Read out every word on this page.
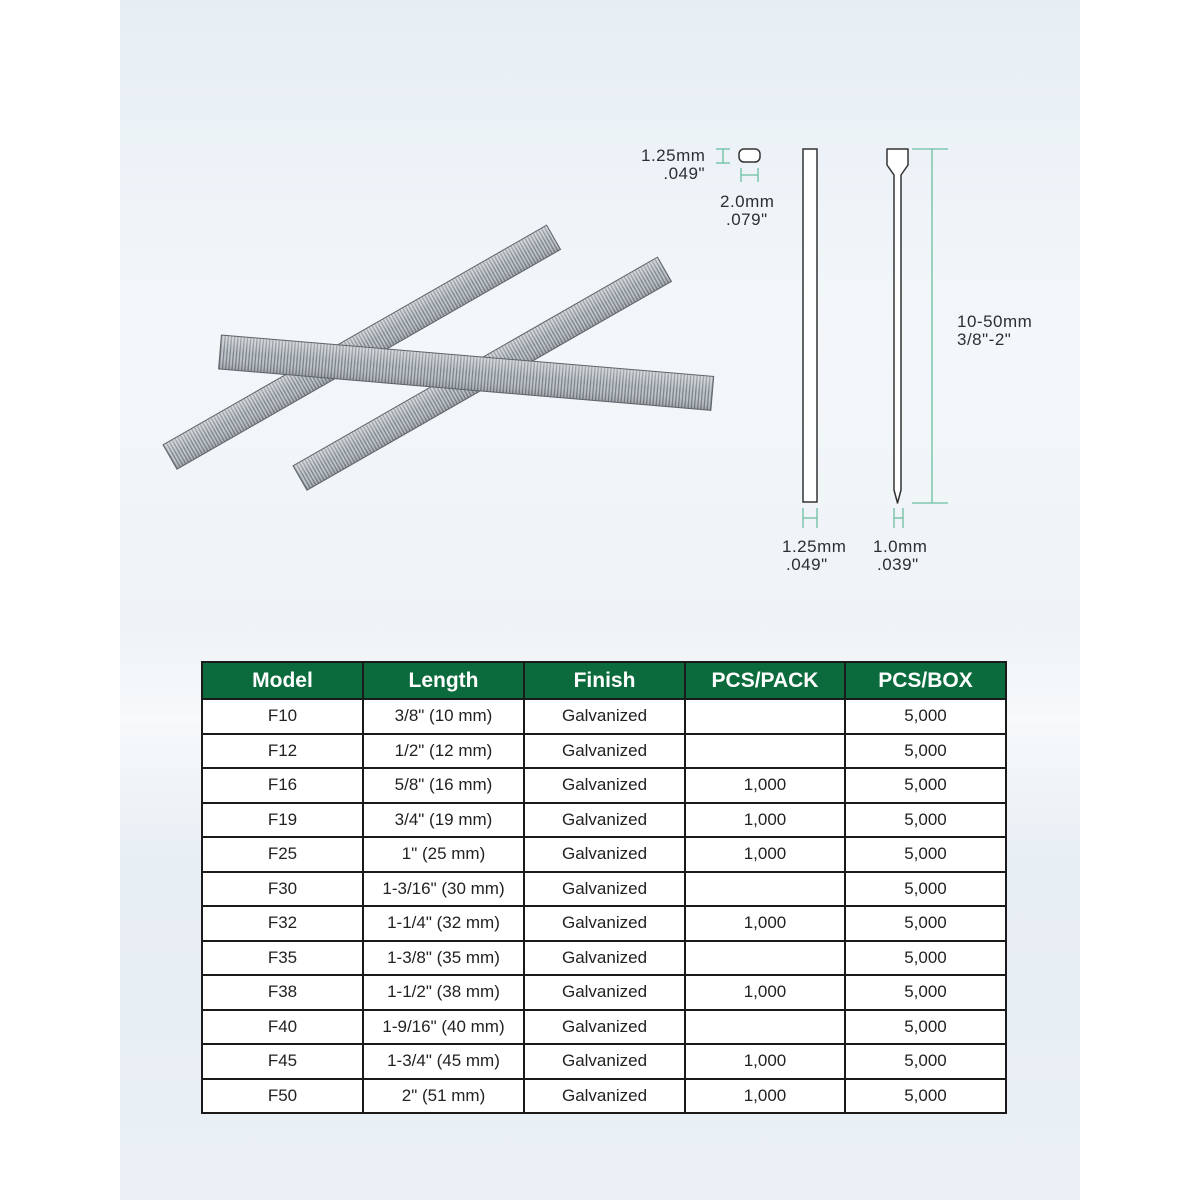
1.25mm
.049"
2.0mm
.079"
10-50mm
3/8"-2"
1.25mm
.049"
1.0mm
.039"
Model	Length	Finish	PCS/PACK	PCS/BOX
F10	3/8" (10 mm)	Galvanized		5,000
F12	1/2" (12 mm)	Galvanized		5,000
F16	5/8" (16 mm)	Galvanized	1,000	5,000
F19	3/4" (19 mm)	Galvanized	1,000	5,000
F25	1" (25 mm)	Galvanized	1,000	5,000
F30	1-3/16" (30 mm)	Galvanized		5,000
F32	1-1/4" (32 mm)	Galvanized	1,000	5,000
F35	1-3/8" (35 mm)	Galvanized		5,000
F38	1-1/2" (38 mm)	Galvanized	1,000	5,000
F40	1-9/16" (40 mm)	Galvanized		5,000
F45	1-3/4" (45 mm)	Galvanized	1,000	5,000
F50	2" (51 mm)	Galvanized	1,000	5,000
